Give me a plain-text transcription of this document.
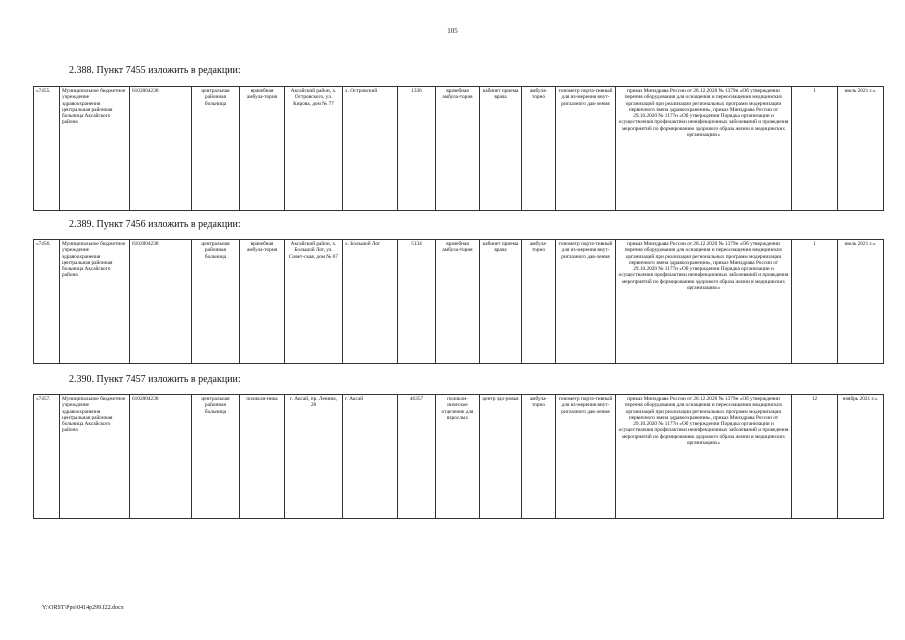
105
2.388. Пункт 7455 изложить в редакции:
«7455.	Муниципальное бюджетное учреждение здравоохранения центральная районная больница Аксайского района	6102004238	центральная районная больница	врачебная амбула-тория	Аксайский район, х. Островского, ул. Кирова, дом № 77	х. Островский	1336	врачебная амбула-тория	кабинет приема врача	амбула-торно	тонометр порта-тивный для из-мерения внут-риглазного дав-ления	приказ Минздрава России от 28.12.2020 № 1379н «Об утверждении перечня оборудования для оснащения и переоснащения медицинских организаций при реализации региональных программ модернизации первичного звена здравоохранения», приказ Минздрава России от 29.10.2020 № 1177н «Об утверждении Порядка организации и осуществления профилактики неинфекционных заболеваний и проведения мероприятий по формированию здорового образа жизни в медицинских организациях»	1	июль 2021 г.».
2.389. Пункт 7456 изложить в редакции:
«7456.	Муниципальное бюджетное учреждение здравоохранения центральная районная больница Аксайского района	6102004238	центральная районная больница	врачебная амбула-тория	Аксайский район, х. Большой Лог, ул. Совет-ская, дом № 67	х. Большой Лог	5134	врачебная амбула-тория	кабинет приема врача	амбула-торно	тонометр порта-тивный для из-мерения внут-риглазного дав-ления	приказ Минздрава России от 28.12.2020 № 1379н «Об утверждении перечня оборудования для оснащения и переоснащения медицинских организаций при реализации региональных программ модернизации первичного звена здравоохранения», приказ Минздрава России от 29.10.2020 № 1177н «Об утверждении Порядка организации и осуществления профилактики неинфекционных заболеваний и проведения мероприятий по формированию здорового образа жизни в медицинских организациях»	1	июль 2021 г.».
2.390. Пункт 7457 изложить в редакции:
«7457.	Муниципальное бюджетное учреждение здравоохранения центральная районная больница Аксайского района	6102004238	центральная районная больница	поликли-ника	г. Аксай, пр. Ленина, 28	г. Аксай	46357	поликли-ническое отделение для взрослых	центр здо-ровья	амбула-торно	тонометр порта-тивный для из-мерения внут-риглазного дав-ления	приказ Минздрава России от 28.12.2020 № 1379н «Об утверждении перечня оборудования для оснащения и переоснащения медицинских организаций при реализации региональных программ модернизации первичного звена здравоохранения», приказ Минздрава России от 29.10.2020 № 1177н «Об утверждении Порядка организации и осуществления профилактики неинфекционных заболеваний и проведения мероприятий по формированию здорового образа жизни в медицинских организациях»	12	ноябрь 2021 г.».
Y:\ORST\Ppo\0414p299.f22.docx
